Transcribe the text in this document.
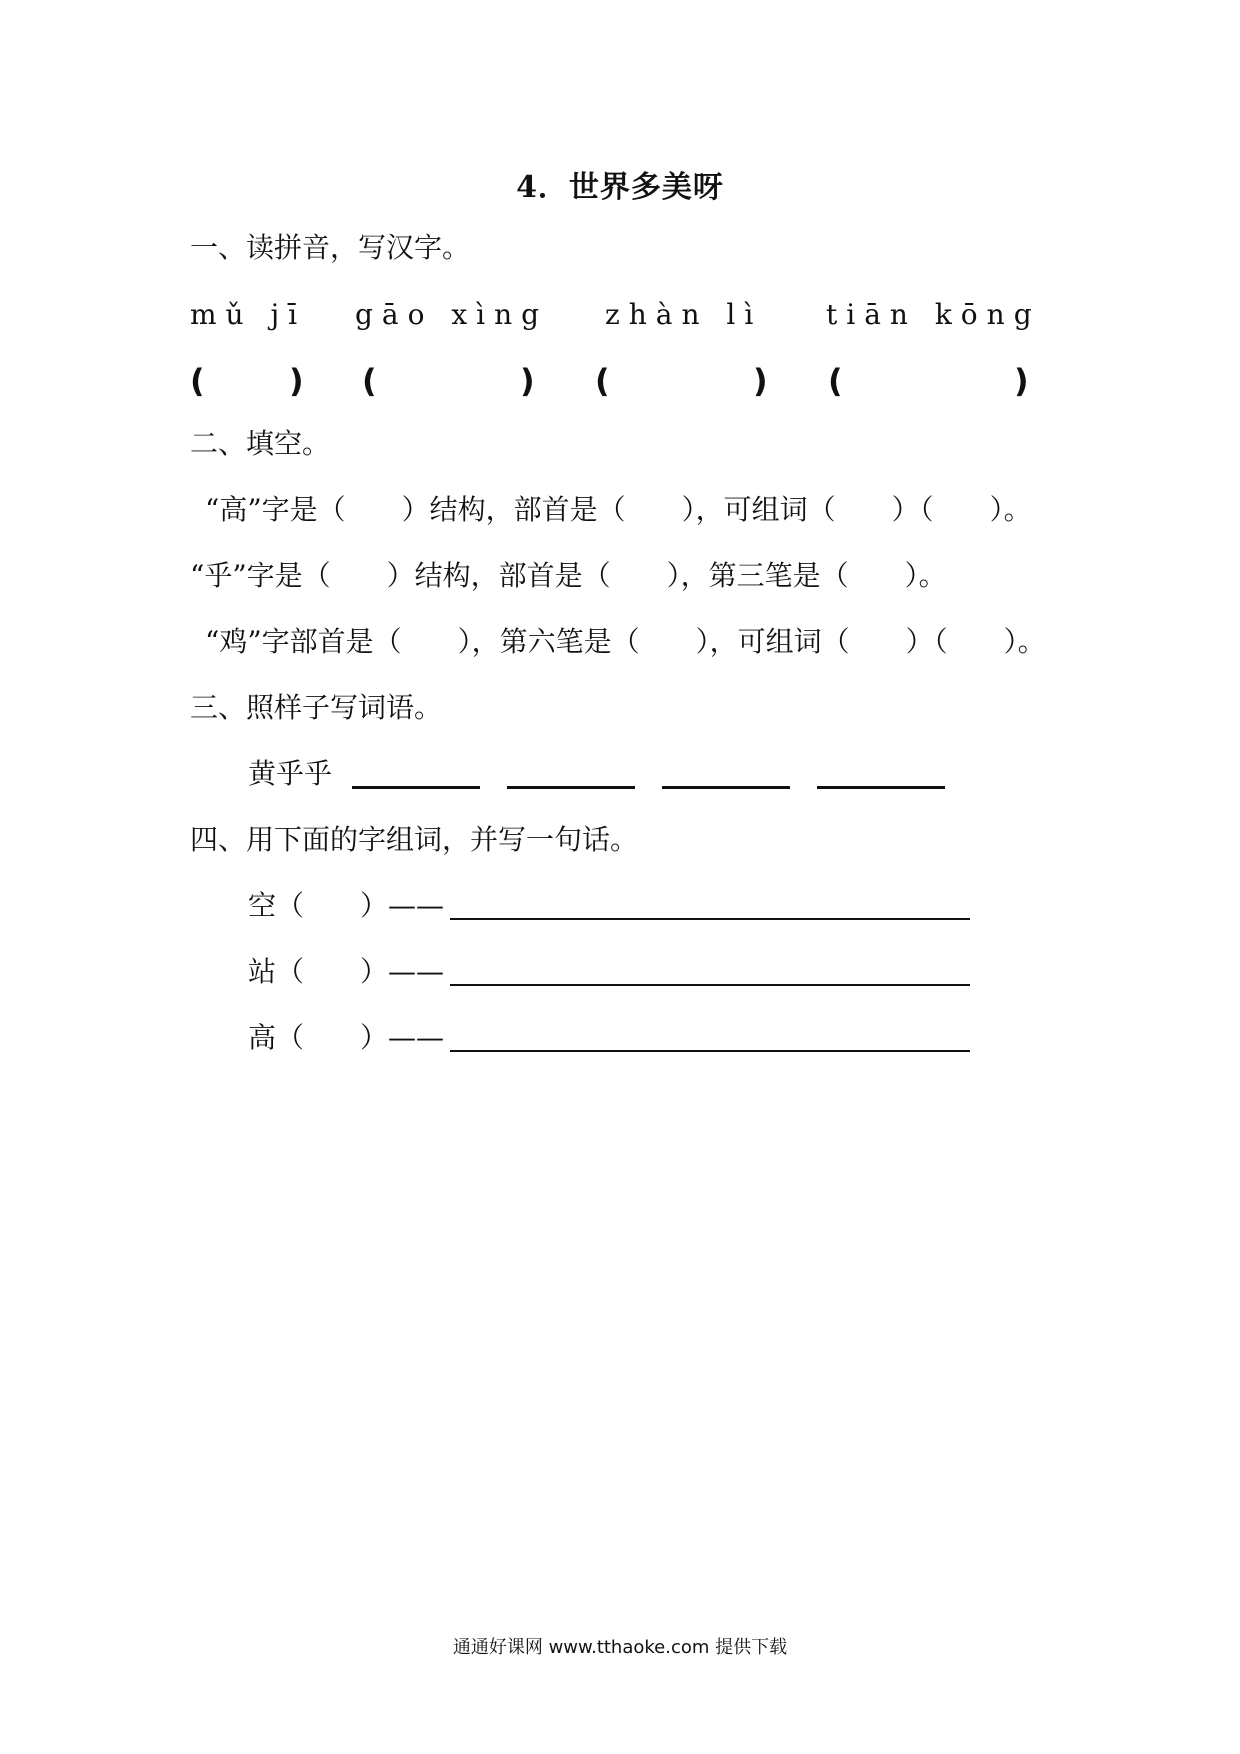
4．世界多美呀
一、读拼音，写汉字。
mǔ jī gāo xìng zhàn lì tiān kōng
(	) (	) (	) (	)
二、填空。
“高”字是（　　）结构，部首是（　　），可组词（　　）（　　）。
“乎”字是（　　）结构，部首是（　　），第三笔是（　　）。
“鸡”字部首是（　　），第六笔是（　　），可组词（　　）（　　）。
三、照样子写词语。
黄乎乎
四、用下面的字组词，并写一句话。
空（　　）——
站（　　）——
高（　　）——
通通好课网 www.tthaoke.com 提供下载
